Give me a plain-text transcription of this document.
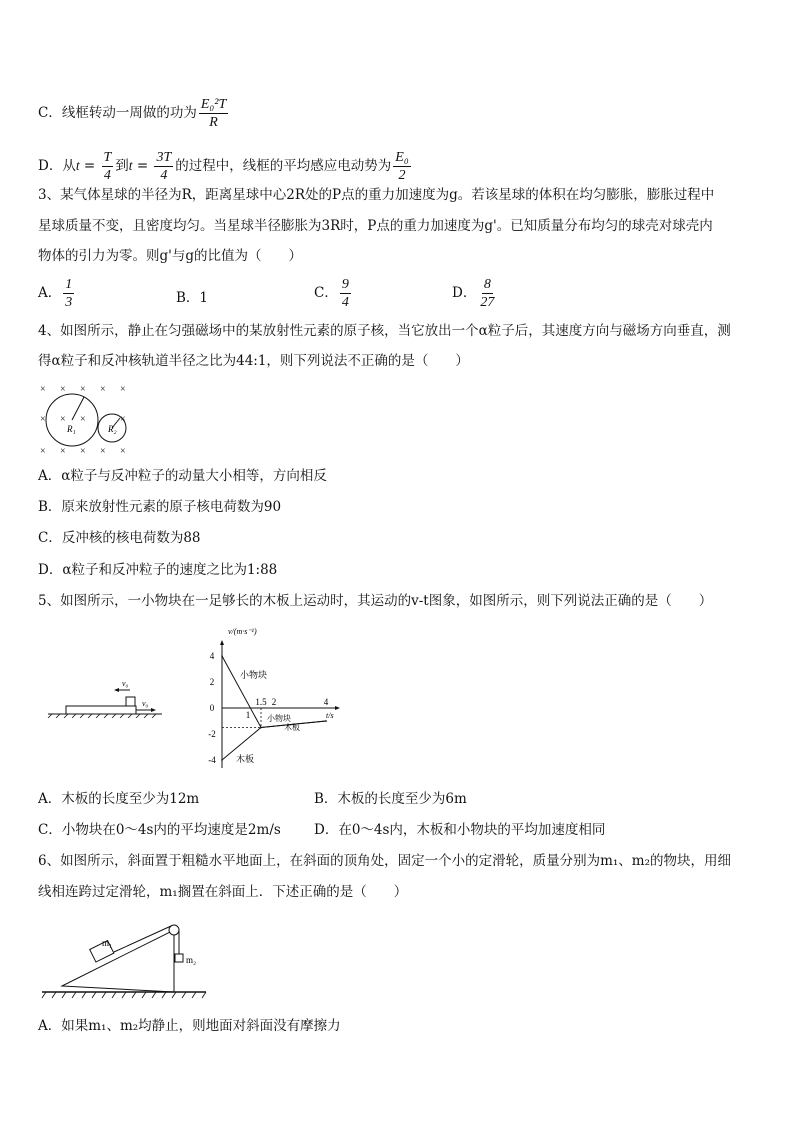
C．线框转动一周做的功为 $\frac{\text{E₀²T}}{R}$
D．从$t = \frac{T}{4}$ 到$t = \frac{3T}{4}$ 的过程中，线框的平均感应电动势为 $\frac{\text{E₀}}{2}$
3、某气体星球的半径为R，距离星球中心2R处的P点的重力加速度为g。若该星球的体积在均匀膨胀，膨胀过程中
星球质量不变，且密度均匀。当星球半径膨胀为3R时，P点的重力加速度为g'。已知质量分布均匀的球壳对球壳内
物体的引力为零。则g'与g的比值为（　　）
A． $\frac{1}{3}$	B．1	C． $\frac{9}{4}$	D． $\frac{8}{27}$
4、如图所示，静止在匀强磁场中的某放射性元素的原子核，当它放出一个α粒子后，其速度方向与磁场方向垂直，测
得α粒子和反冲核轨道半径之比为44:1，则下列说法不正确的是（　　）
× × × × ×
× × ×	×
× × × × ×
R₁	R₂
A．α粒子与反冲粒子的动量大小相等，方向相反
B．原来放射性元素的原子核电荷数为90
C．反冲核的核电荷数为88
D．α粒子和反冲粒子的速度之比为1:88
5、如图所示，一小物块在一足够长的木板上运动时，其运动的v-t图象，如图所示，则下列说法正确的是（　　）
v₀
v₀
4
2
0
-2
-4
1
1.5 2	4
v/(m·s⁻¹)
t/s
小物块
小物块
木板
木板
A．木板的长度至少为12m	B．木板的长度至少为6m
C．小物块在0～4s内的平均速度是2m/s D．在0～4s内，木板和小物块的平均加速度相同
6、如图所示，斜面置于粗糙水平地面上，在斜面的顶角处，固定一个小的定滑轮，质量分别为m₁、m₂的物块，用细
线相连跨过定滑轮，m₁搁置在斜面上．下述正确的是（　　）
m₁
m₂
A．如果m₁、m₂均静止，则地面对斜面没有摩擦力
